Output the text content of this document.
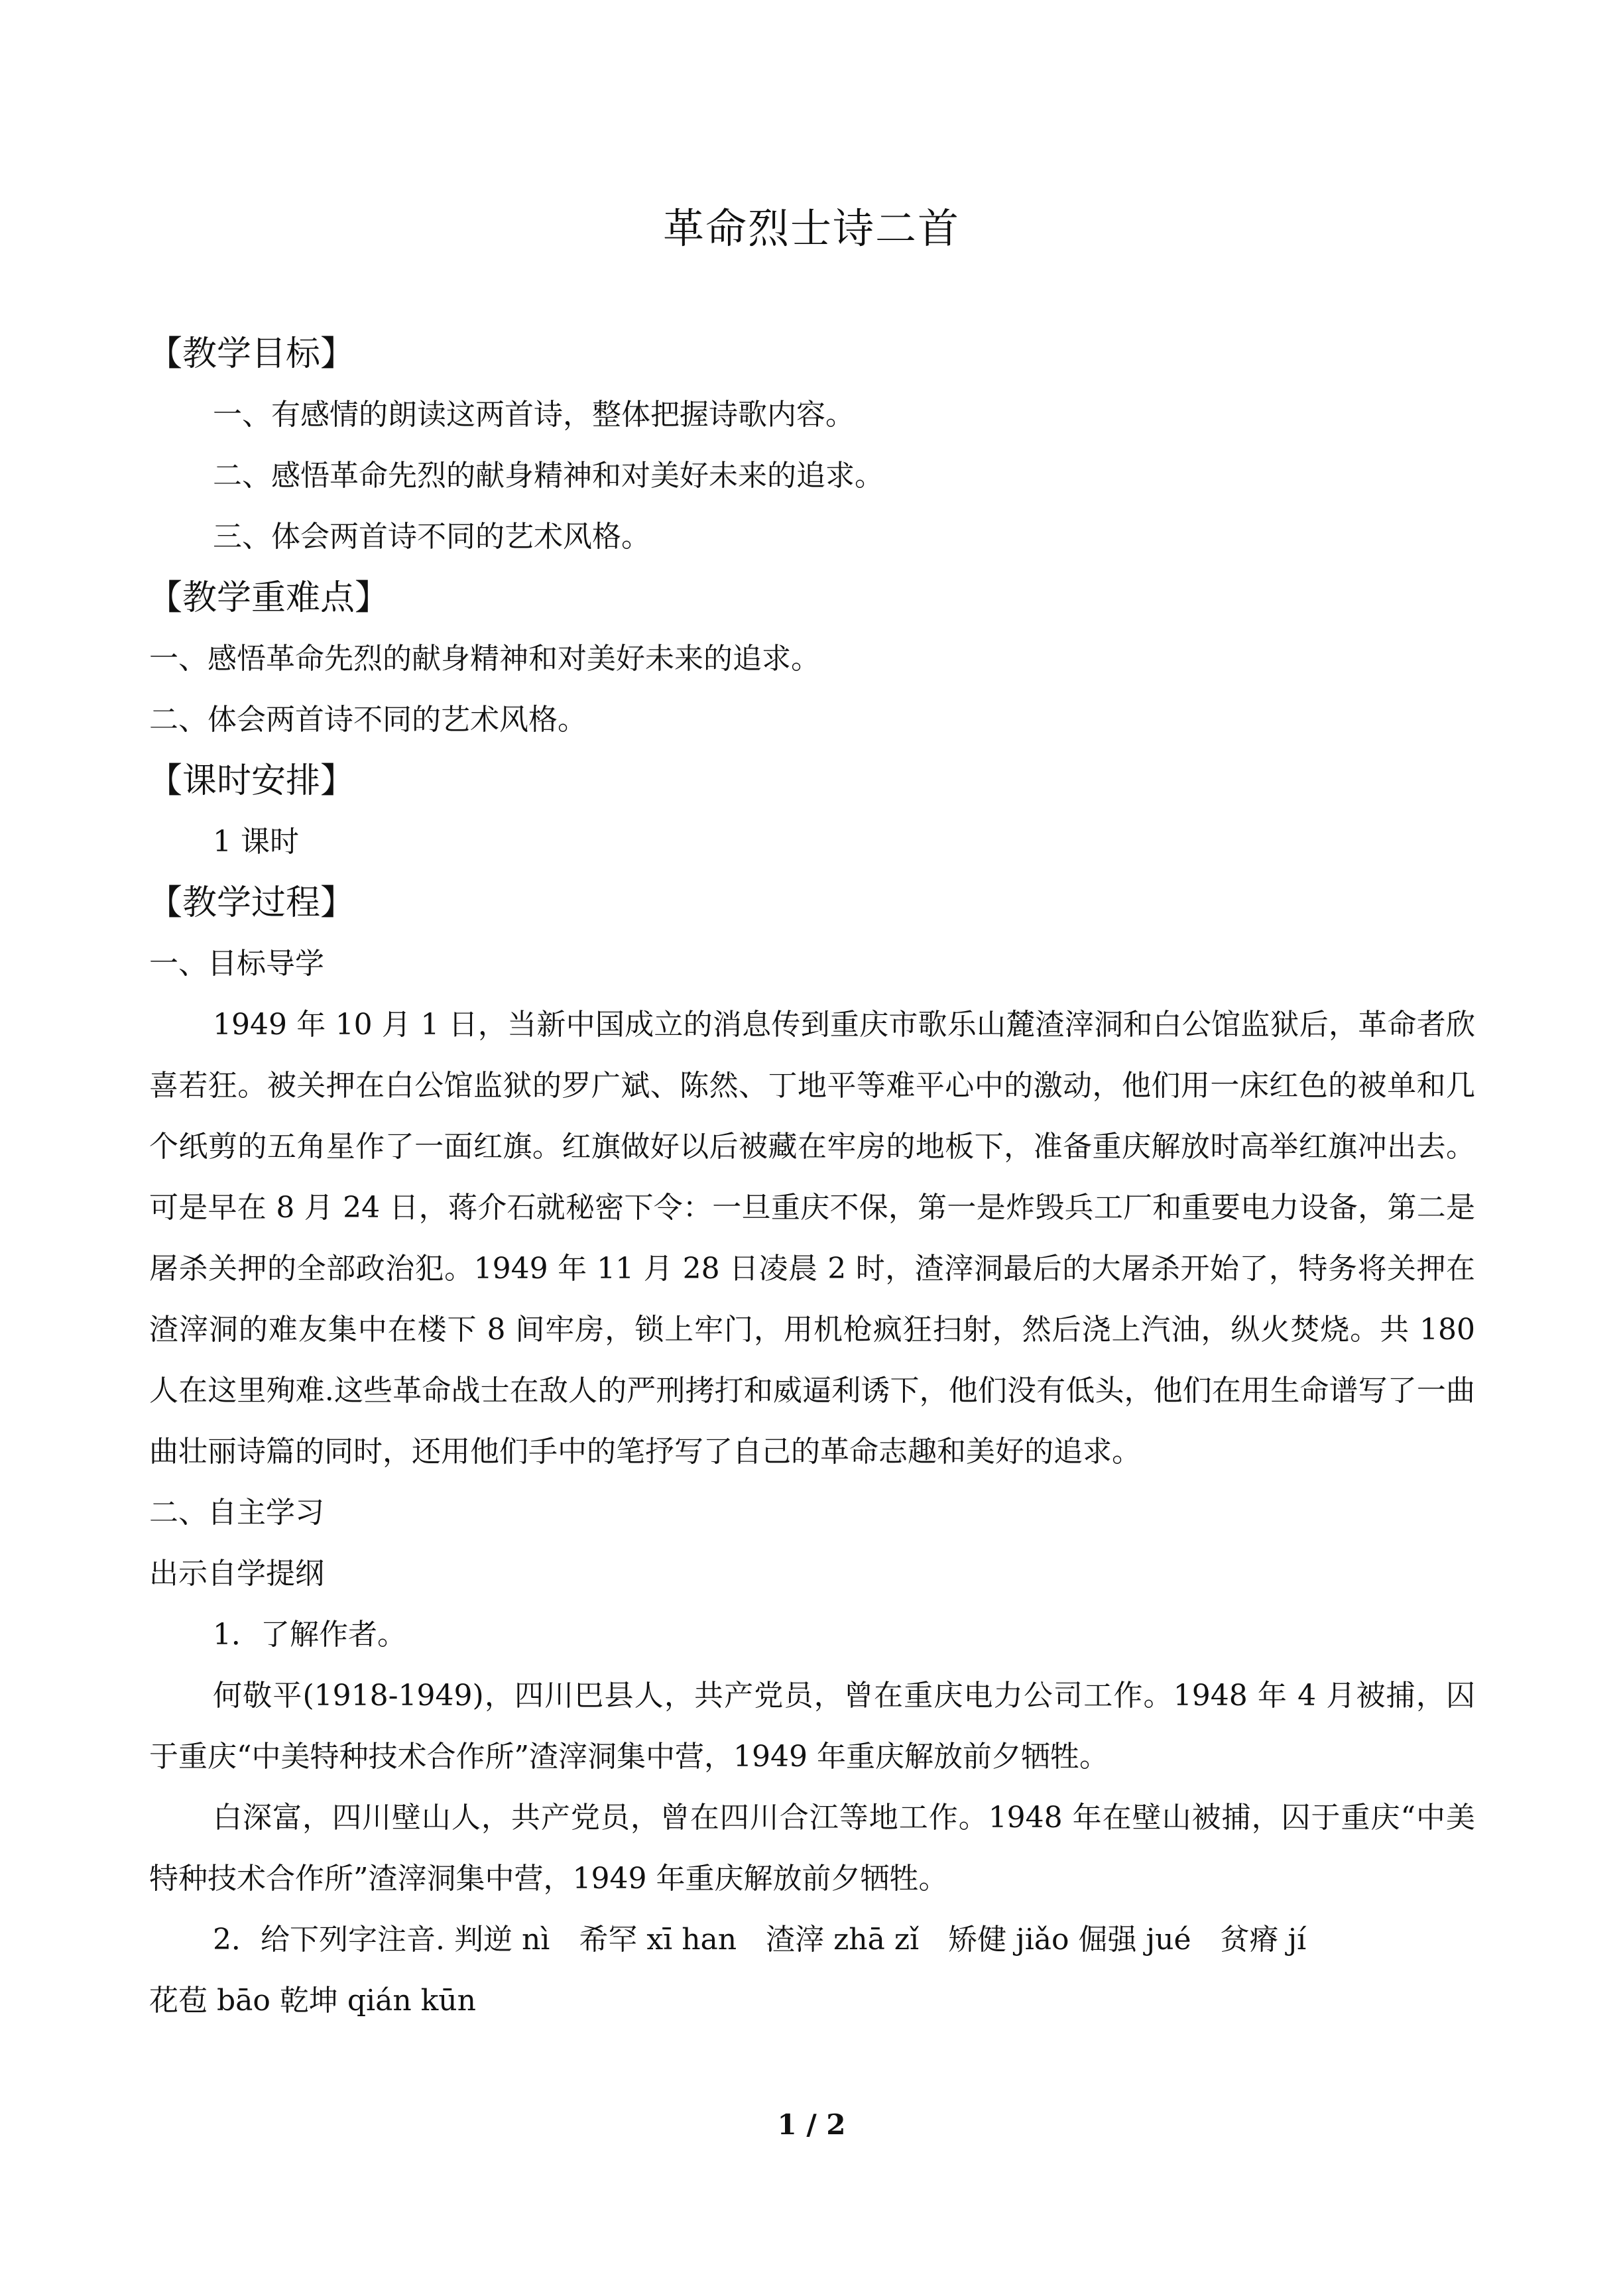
革命烈士诗二首
【教学目标】
一、有感情的朗读这两首诗，整体把握诗歌内容。
二、感悟革命先烈的献身精神和对美好未来的追求。
三、体会两首诗不同的艺术风格。
【教学重难点】
一、感悟革命先烈的献身精神和对美好未来的追求。
二、体会两首诗不同的艺术风格。
【课时安排】
1 课时
【教学过程】
一、目标导学

1949 年 10 月 1 日，当新中国成立的消息传到重庆市歌乐山麓渣滓洞和白公馆监狱后，革命者欣喜若狂。被关押在白公馆监狱的罗广斌、陈然、丁地平等难平心中的激动，他们用一床红色的被单和几个纸剪的五角星作了一面红旗。红旗做好以后被藏在牢房的地板下，准备重庆解放时高举红旗冲出去。可是早在 8 月 24 日，蒋介石就秘密下令：一旦重庆不保，第一是炸毁兵工厂和重要电力设备，第二是屠杀关押的全部政治犯。1949 年 11 月 28 日凌晨 2 时，渣滓洞最后的大屠杀开始了，特务将关押在渣滓洞的难友集中在楼下 8 间牢房，锁上牢门，用机枪疯狂扫射，然后浇上汽油，纵火焚烧。共 180 人在这里殉难.这些革命战士在敌人的严刑拷打和威逼利诱下，他们没有低头，他们在用生命谱写了一曲曲壮丽诗篇的同时，还用他们手中的笔抒写了自己的革命志趣和美好的追求。

二、自主学习
出示自学提纲
1．了解作者。

何敬平(1918-1949)，四川巴县人，共产党员，曾在重庆电力公司工作。1948 年 4 月被捕，囚于重庆“中美特种技术合作所”渣滓洞集中营，1949 年重庆解放前夕牺牲。

白深富，四川壁山人，共产党员，曾在四川合江等地工作。1948 年在壁山被捕，囚于重庆“中美特种技术合作所”渣滓洞集中营，1949 年重庆解放前夕牺牲。

2．给下列字注音. 判逆 nì　希罕 xī han　渣滓 zhā zǐ　矫健 jiǎo 倔强 jué　贫瘠 jí
花苞 bāo 乾坤 qián kūn
1 / 2
